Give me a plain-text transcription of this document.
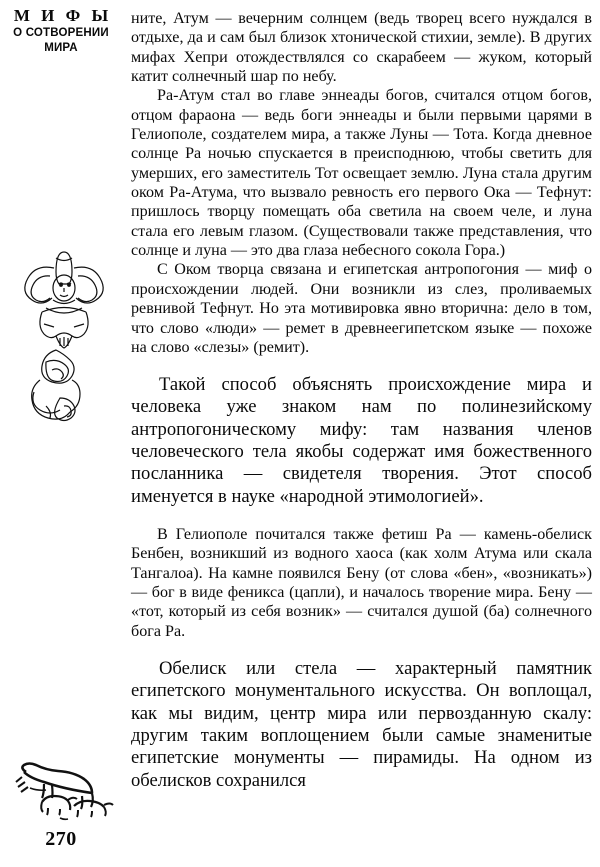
М И Ф Ы
О СОТВОРЕНИИ
МИРА
270

ните, Атум — вечерним солнцем (ведь творец всего нуждался в отдыхе, да и сам был близок хтонической стихии, земле). В других мифах Хепри отождествлялся со скарабеем — жуком, который катит солнечный шар по небу.

Ра-Атум стал во главе эннеады богов, считался отцом богов, отцом фараона — ведь боги эннеады и были первыми царями в Гелиополе, создателем мира, а также Луны — Тота. Когда дневное солнце Ра ночью спускается в преисподнюю, чтобы светить для умерших, его заместитель Тот освещает землю. Луна стала другим оком Ра-Атума, что вызвало ревность его первого Ока — Тефнут: пришлось творцу помещать оба светила на своем челе, и луна стала его левым глазом. (Существовали также представления, что солнце и луна — это два глаза небесного сокола Гора.)

С Оком творца связана и египетская антропогония — миф о происхождении людей. Они возникли из слез, проливаемых ревнивой Тефнут. Но эта мотивировка явно вторична: дело в том, что слово «люди» — ремет в древнеегипетском языке — похоже на слово «слезы» (ремит).

Такой способ объяснять происхождение мира и человека уже знаком нам по полинезийскому антропогоническому мифу: там названия членов человеческого тела якобы содержат имя божественного посланника — свидетеля творения. Этот способ именуется в науке «народной этимологией».

В Гелиополе почитался также фетиш Ра — камень-обелиск Бенбен, возникший из водного хаоса (как холм Атума или скала Тангалоа). На камне появился Бену (от слова «бен», «возникать») — бог в виде феникса (цапли), и началось творение мира. Бену — «тот, который из себя возник» — считался душой (ба) солнечного бога Ра.

Обелиск или стела — характерный памятник египетского монументального искусства. Он воплощал, как мы видим, центр мира или первозданную скалу: другим таким воплощением были самые знаменитые египетские монументы — пирамиды. На одном из обелисков сохранился
